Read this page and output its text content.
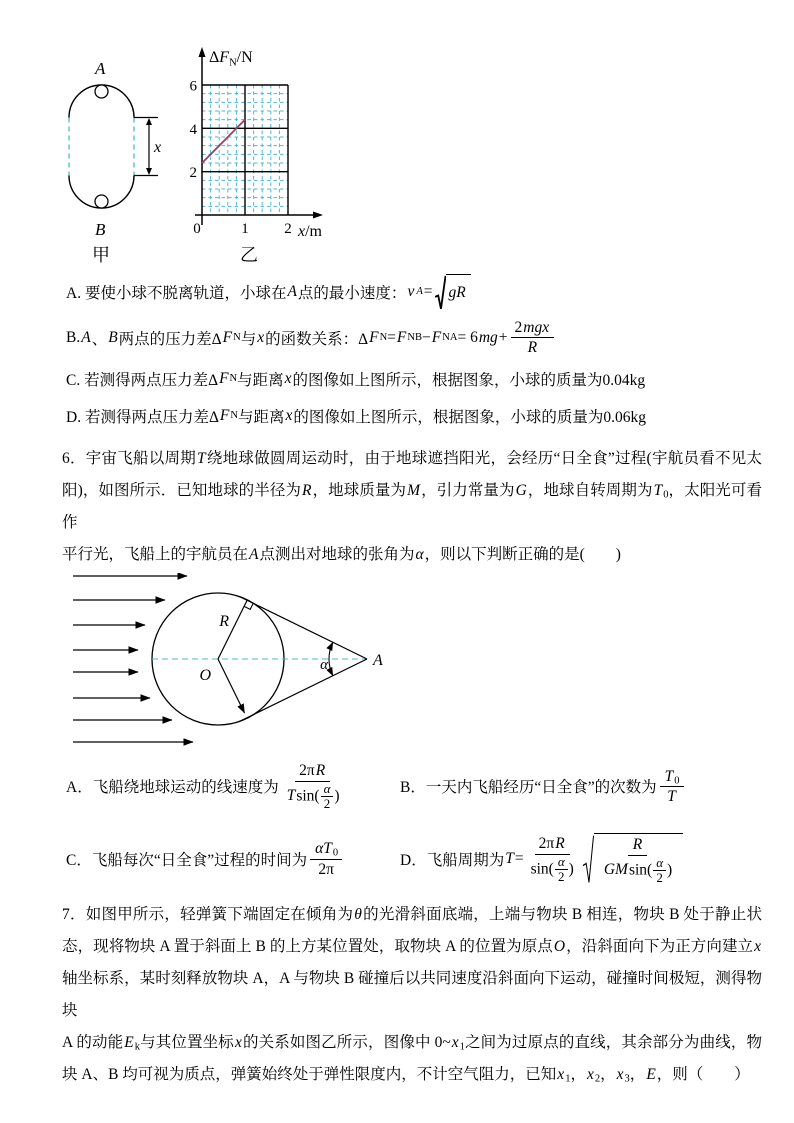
A
B
x
甲
2
4
6
0	1 2
$\Delta F_N/N$
x/m
乙
A. 要使小球不脱离轨道，小球在 A 点的最小速度： v A = gR
B. A 、 B 两点的压力差Δ F N 与 x 的函数关系：Δ F N = F NB − F NA = 6 mg + $\frac{\text{2mgx}}{R}$
C. 若测得两点压力差Δ F N 与距离 x 的图像如上图所示，根据图象，小球的质量为0.04kg
D. 若测得两点压力差Δ F N 与距离 x 的图像如上图所示，根据图象，小球的质量为0.06kg
6．宇宙飞船以周期T绕地球做圆周运动时，由于地球遮挡阳光，会经历“日全食”过程(宇航员看不见太
阳)，如图所示．已知地球的半径为R，地球质量为M，引力常量为G，地球自转周期为$T_0$，太阳光可看作
平行光，飞船上的宇航员在A点测出对地球的张角为α，则以下判断正确的是(  )
R
O
α	A
A．飞船绕地球运动的线速度为 $\frac{2\pi R}{Tsin( \frac{\alpha}{2} )}$	B．一天内飞船经历“日全食”的次数为 $\frac{T_0}{T}$
C．飞船每次“日全食”过程的时间为 $\frac{\alpha T_0}{2\pi}$	D．飞船周期为 $T = \frac{2\pi R}{\sin( \frac{\alpha}{2} )} \frac{R}{GMsin( \frac{\alpha}{2} )}$
7．如图甲所示，轻弹簧下端固定在倾角为θ的光滑斜面底端，上端与物块 B 相连，物块 B 处于静止状
态，现将物块 A 置于斜面上 B 的上方某位置处，取物块 A 的位置为原点O，沿斜面向下为正方向建立x
轴坐标系，某时刻释放物块 A，A 与物块 B 碰撞后以共同速度沿斜面向下运动，碰撞时间极短，测得物块
A 的动能$E_k$与其位置坐标x的关系如图乙所示，图像中 $0\sim x_1$之间为过原点的直线，其余部分为曲线，物
块 A、B 均可视为质点，弹簧始终处于弹性限度内，不计空气阻力，已知$x_1$，$x_2$，$x_3$，E，则（  ）
